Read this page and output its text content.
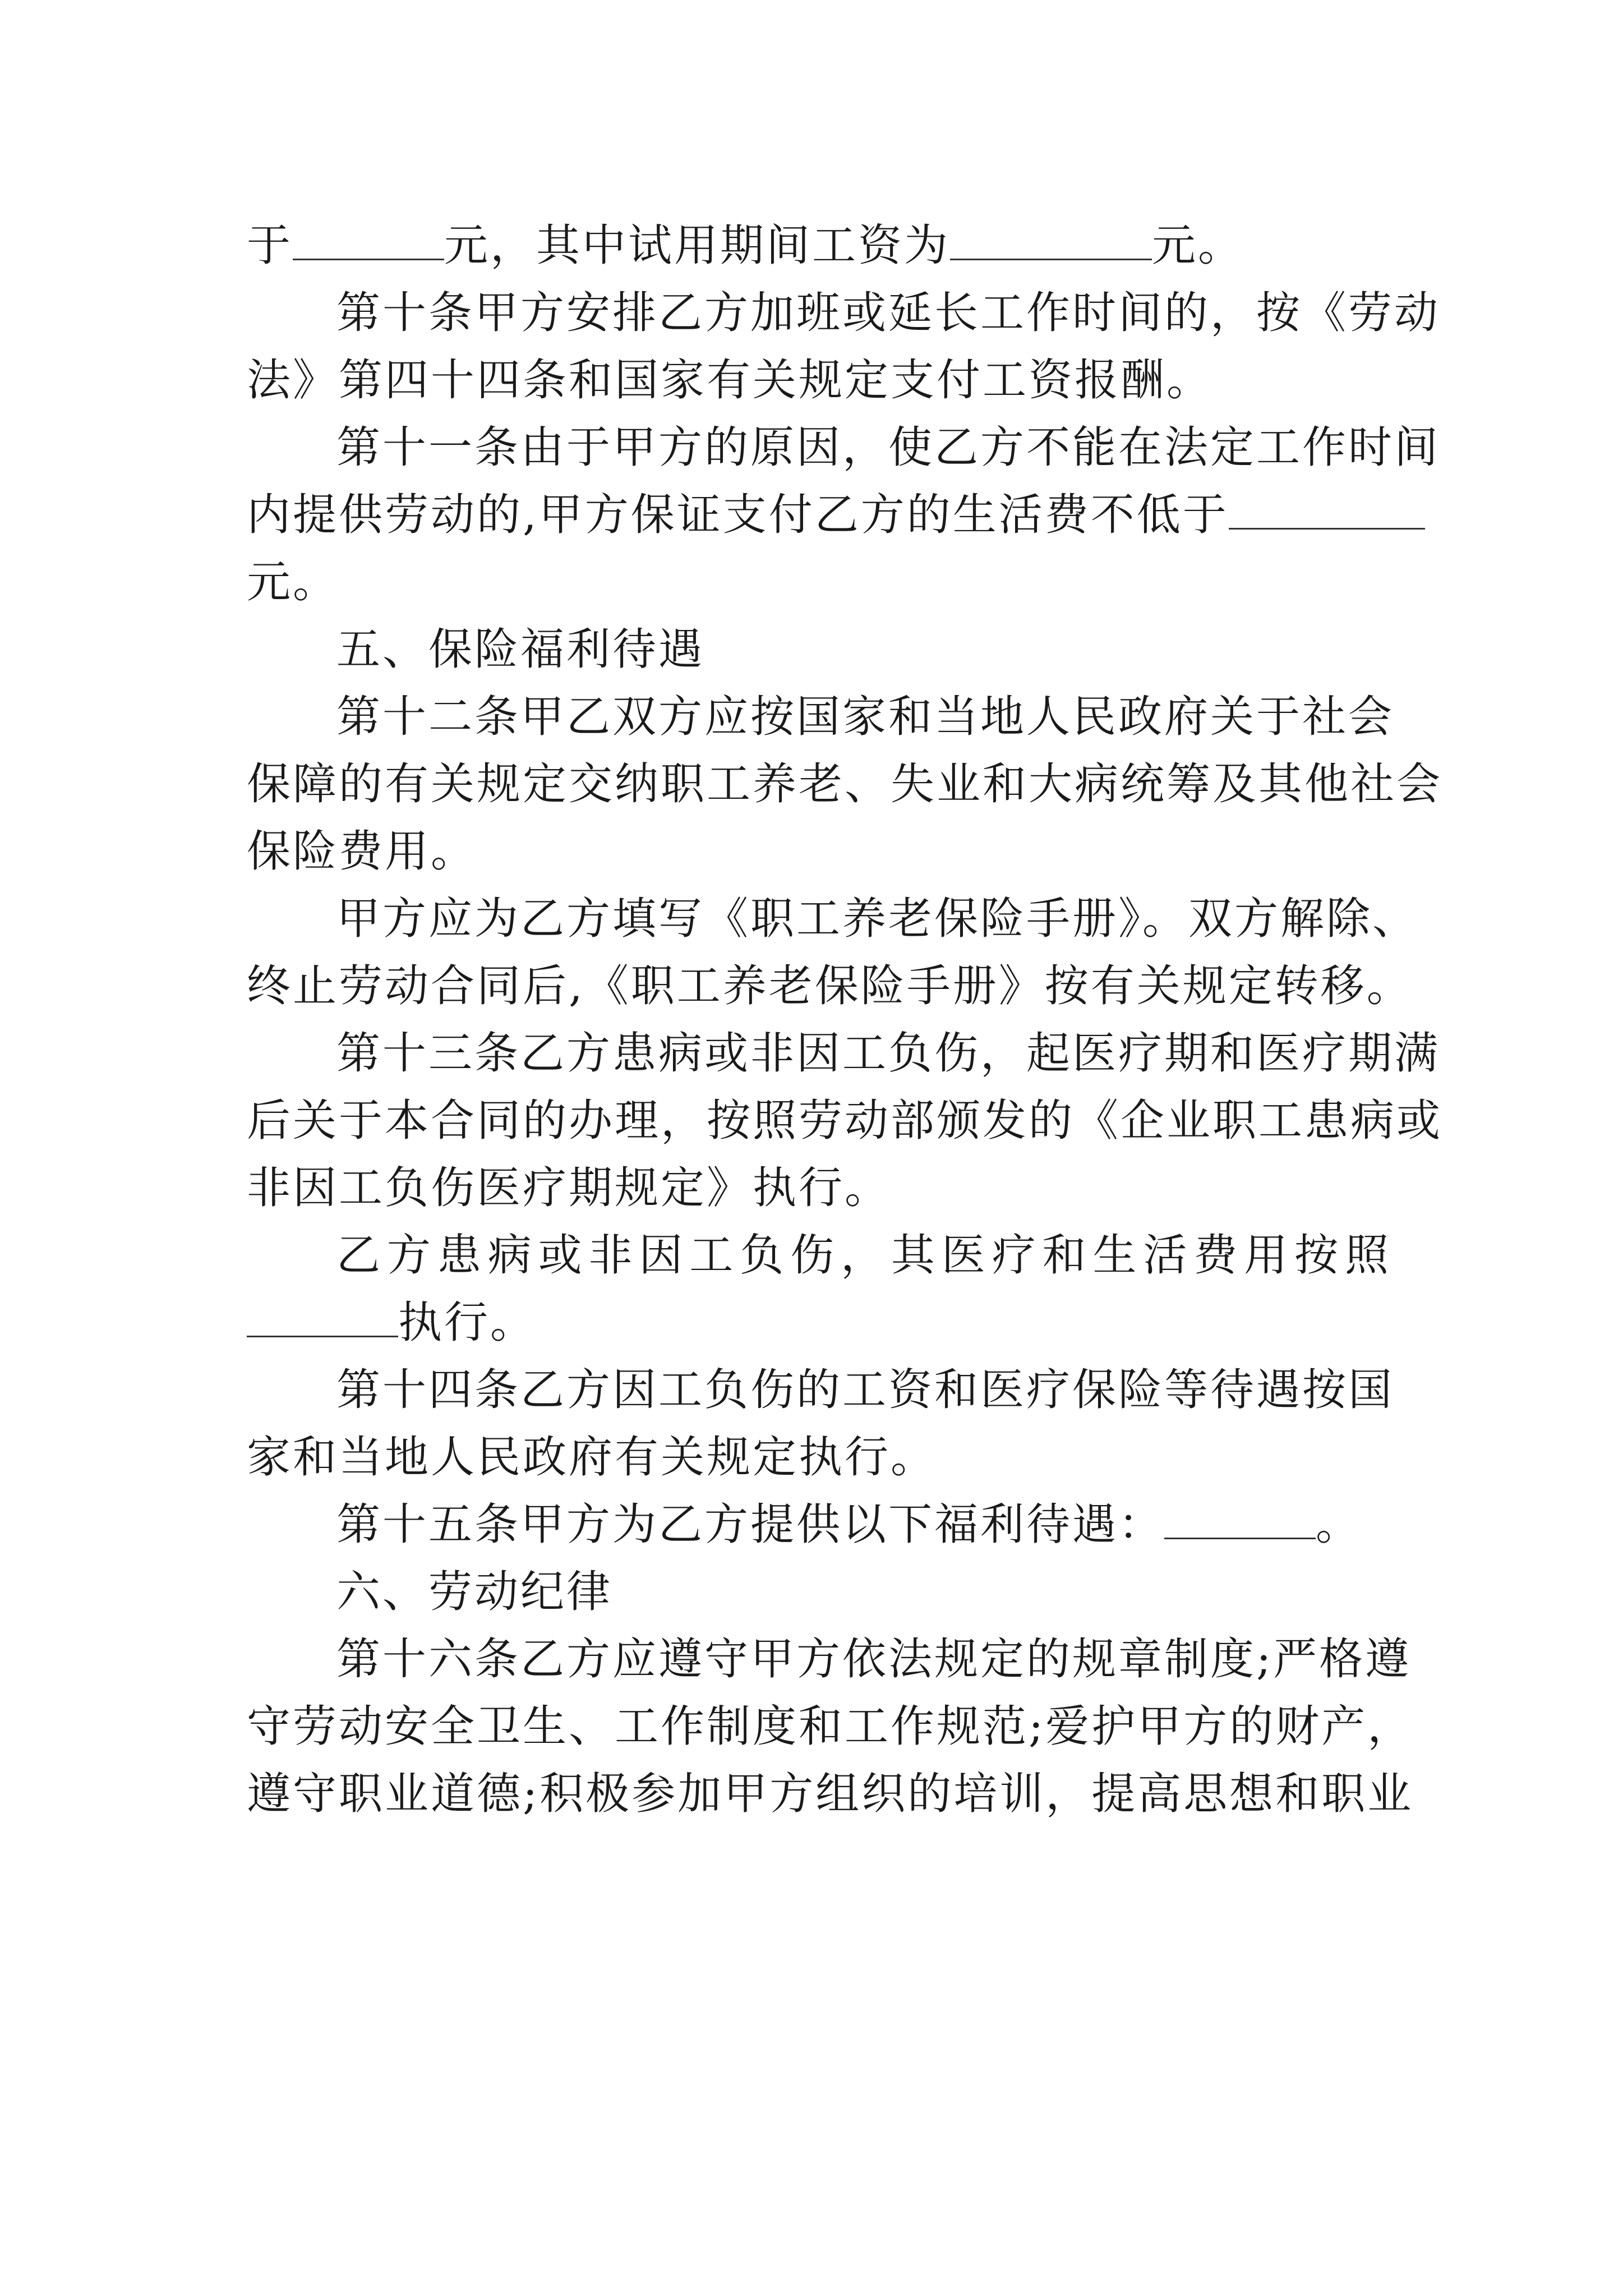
于	元，其中试用期间工资为	元。
第十条甲方安排乙方加班或延长工作时间的，按《劳动
法》第四十四条和国家有关规定支付工资报酬。
第十一条由于甲方的原因，使乙方不能在法定工作时间
内提供劳动的,甲方保证支付乙方的生活费不低于
元。
五、保险福利待遇
第十二条甲乙双方应按国家和当地人民政府关于社会
保障的有关规定交纳职工养老、失业和大病统筹及其他社会
保险费用。
甲方应为乙方填写《职工养老保险手册》。双方解除、
终止劳动合同后,《职工养老保险手册》按有关规定转移。
第十三条乙方患病或非因工负伤，起医疗期和医疗期满
后关于本合同的办理，按照劳动部颁发的《企业职工患病或
非因工负伤医疗期规定》执行。
乙方患病或非因工负伤，其医疗和生活费用按照
执行。
第十四条乙方因工负伤的工资和医疗保险等待遇按国
家和当地人民政府有关规定执行。
第十五条甲方为乙方提供以下福利待遇：	。
六、劳动纪律
第十六条乙方应遵守甲方依法规定的规章制度;严格遵
守劳动安全卫生、工作制度和工作规范;爱护甲方的财产，
遵守职业道德;积极参加甲方组织的培训，提高思想和职业
